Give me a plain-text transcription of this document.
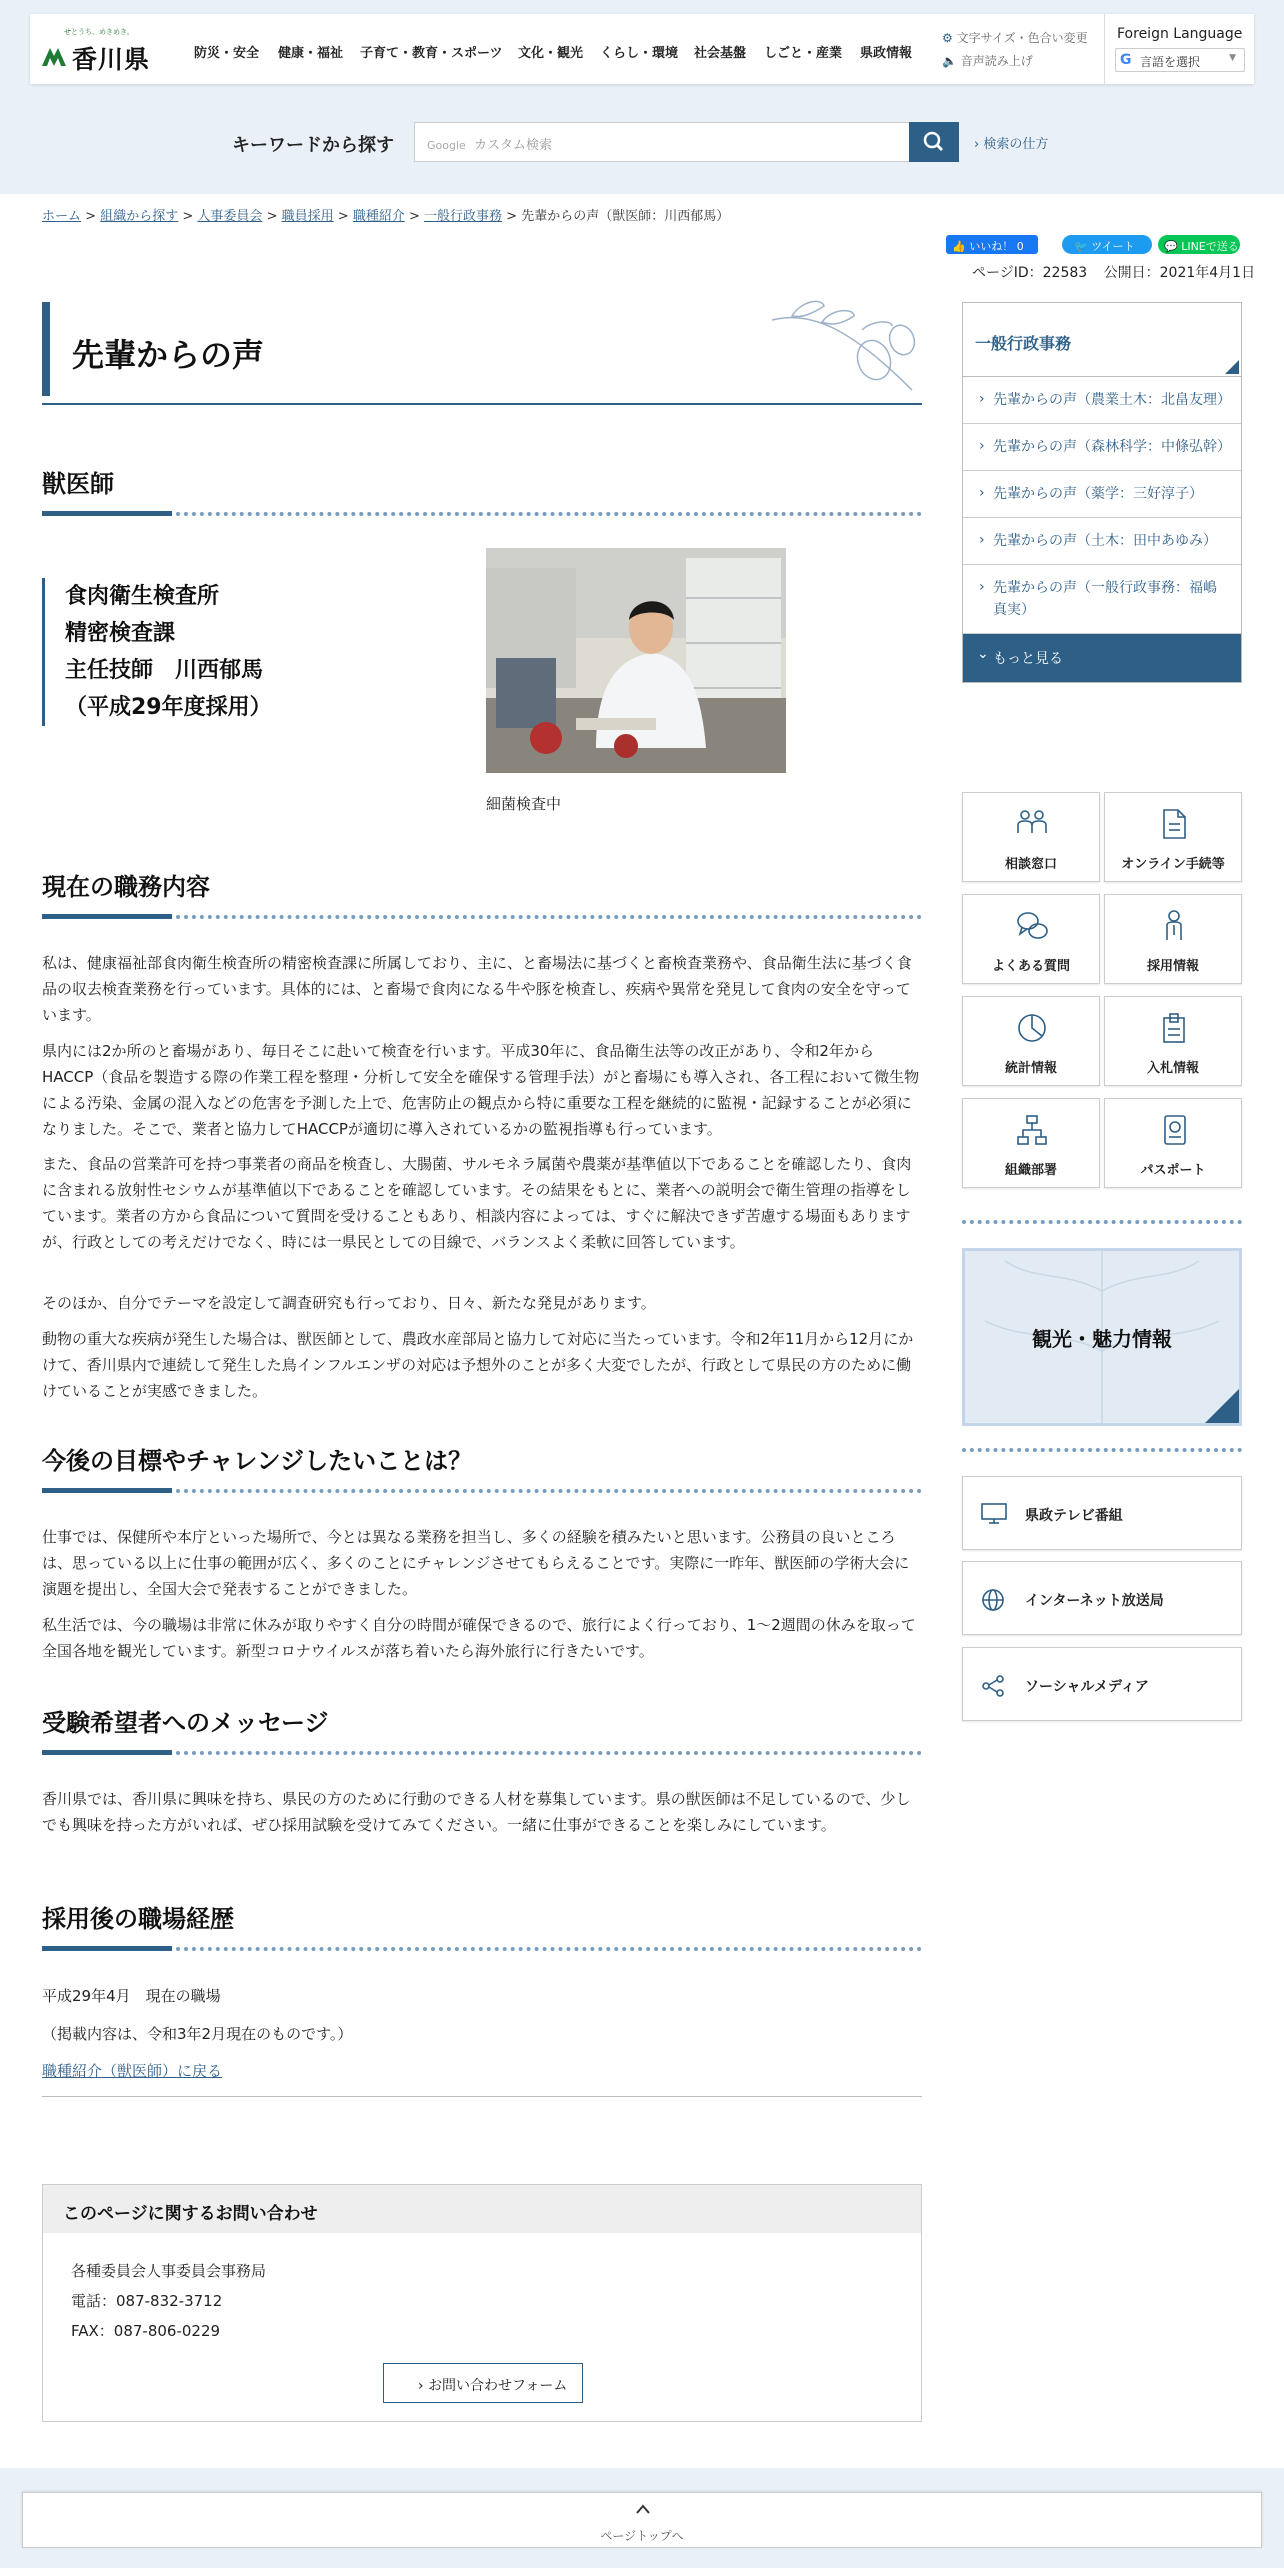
せとうち、めきめき。
香川県	防災・安全 健康・福祉 子育て・教育・スポーツ 文化・観光 くらし・環境 社会基盤 しごと・産業 県政情報
⚙ 文字サイズ・色合い変更
🔈 音声読み上げ
Foreign Language
G 言語を選択	▼
キーワードから探す	Google カスタム検索	› 検索の仕方
ホーム > 組織から探す > 人事委員会 > 職員採用 > 職種紹介 > 一般行政事務 > 先輩からの声（獣医師：川西郁馬）
👍 いいね！ 0	🐦 ツイート	💬 LINEで送る
ページID：22583 公開日：2021年4月1日
先輩からの声
獣医師
食肉衛生検査所
精密検査課
主任技師　川西郁馬
（平成29年度採用）
細菌検査中
現在の職務内容
私は、健康福祉部食肉衛生検査所の精密検査課に所属しており、主に、と畜場法に基づくと畜検査業務や、食品衛生法に基づく食品の収去検査業務を行っています。具体的には、と畜場で食肉になる牛や豚を検査し、疾病や異常を発見して食肉の安全を守っています。
県内には2か所のと畜場があり、毎日そこに赴いて検査を行います。平成30年に、食品衛生法等の改正があり、令和2年からHACCP（食品を製造する際の作業工程を整理・分析して安全を確保する管理手法）がと畜場にも導入され、各工程において微生物による汚染、金属の混入などの危害を予測した上で、危害防止の観点から特に重要な工程を継続的に監視・記録することが必須になりました。そこで、業者と協力してHACCPが適切に導入されているかの監視指導も行っています。
また、食品の営業許可を持つ事業者の商品を検査し、大腸菌、サルモネラ属菌や農薬が基準値以下であることを確認したり、食肉に含まれる放射性セシウムが基準値以下であることを確認しています。その結果をもとに、業者への説明会で衛生管理の指導をしています。業者の方から食品について質問を受けることもあり、相談内容によっては、すぐに解決できず苦慮する場面もありますが、行政としての考えだけでなく、時には一県民としての目線で、バランスよく柔軟に回答しています。
そのほか、自分でテーマを設定して調査研究も行っており、日々、新たな発見があります。
動物の重大な疾病が発生した場合は、獣医師として、農政水産部局と協力して対応に当たっています。令和2年11月から12月にかけて、香川県内で連続して発生した鳥インフルエンザの対応は予想外のことが多く大変でしたが、行政として県民の方のために働けていることが実感できました。
今後の目標やチャレンジしたいことは？
仕事では、保健所や本庁といった場所で、今とは異なる業務を担当し、多くの経験を積みたいと思います。公務員の良いところは、思っている以上に仕事の範囲が広く、多くのことにチャレンジさせてもらえることです。実際に一昨年、獣医師の学術大会に演題を提出し、全国大会で発表することができました。
私生活では、今の職場は非常に休みが取りやすく自分の時間が確保できるので、旅行によく行っており、1～2週間の休みを取って全国各地を観光しています。新型コロナウイルスが落ち着いたら海外旅行に行きたいです。
受験希望者へのメッセージ
香川県では、香川県に興味を持ち、県民の方のために行動のできる人材を募集しています。県の獣医師は不足しているので、少しでも興味を持った方がいれば、ぜひ採用試験を受けてみてください。一緒に仕事ができることを楽しみにしています。
採用後の職場経歴
平成29年4月　現在の職場
（掲載内容は、令和3年2月現在のものです。）
職種紹介（獣医師）に戻る
このページに関するお問い合わせ
各種委員会人事委員会事務局
電話：087-832-3712
FAX：087-806-0229
› お問い合わせフォーム
一般行政事務
› 先輩からの声（農業土木：北畠友理）
› 先輩からの声（森林科学：中條弘幹）
› 先輩からの声（薬学：三好淳子）
› 先輩からの声（土木：田中あゆみ）
› 先輩からの声（一般行政事務：福嶋真実）
⌄ もっと見る
相談窓口	オンライン手続等
よくある質問	採用情報
統計情報	入札情報
組織部署	パスポート
観光・魅力情報
県政テレビ番組
インターネット放送局
ソーシャルメディア
ページトップへ
